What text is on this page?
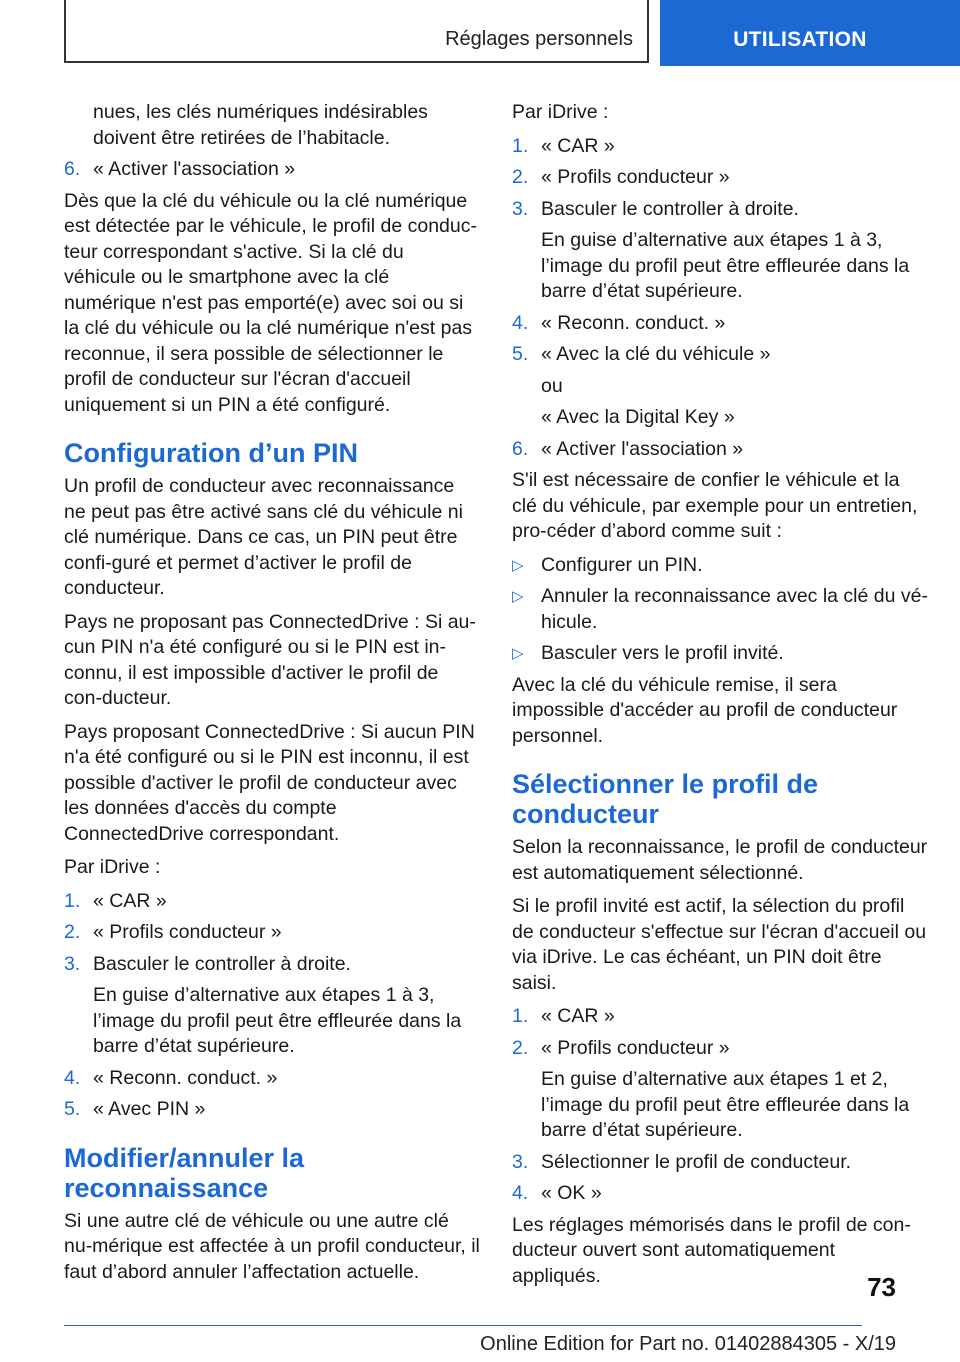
Réglages personnels	UTILISATION

nues, les clés numériques indésirables doivent être retirées de l’habitacle.

6. « Activer l'association »

Dès que la clé du véhicule ou la clé numérique est détectée par le véhicule, le profil de conduc-teur correspondant s'active. Si la clé du véhicule ou le smartphone avec la clé numérique n'est pas emporté(e) avec soi ou si la clé du véhicule ou la clé numérique n'est pas reconnue, il sera possible de sélectionner le profil de conducteur sur l'écran d'accueil uniquement si un PIN a été configuré.

Configuration d’un PIN

Un profil de conducteur avec reconnaissance ne peut pas être activé sans clé du véhicule ni clé numérique. Dans ce cas, un PIN peut être confi-guré et permet d’activer le profil de conducteur.

Pays ne proposant pas ConnectedDrive : Si au-cun PIN n'a été configuré ou si le PIN est in-connu, il est impossible d'activer le profil de con-ducteur.

Pays proposant ConnectedDrive : Si aucun PIN n'a été configuré ou si le PIN est inconnu, il est possible d'activer le profil de conducteur avec les données d'accès du compte ConnectedDrive correspondant.

Par iDrive :

1. « CAR »
2. « Profils conducteur »
3. Basculer le controller à droite.

En guise d’alternative aux étapes 1 à 3, l’image du profil peut être effleurée dans la barre d’état supérieure.

4. « Reconn. conduct. »
5. « Avec PIN »
Modifier/annuler la reconnaissance

Si une autre clé de véhicule ou une autre clé nu-mérique est affectée à un profil conducteur, il faut d’abord annuler l’affectation actuelle.

Par iDrive :

1. « CAR »
2. « Profils conducteur »
3. Basculer le controller à droite.

En guise d’alternative aux étapes 1 à 3, l’image du profil peut être effleurée dans la barre d’état supérieure.

4. « Reconn. conduct. »
5. « Avec la clé du véhicule »

ou

« Avec la Digital Key »

6. « Activer l'association »

S'il est nécessaire de confier le véhicule et la clé du véhicule, par exemple pour un entretien, pro-céder d’abord comme suit :

▷ Configurer un PIN.
▷ Annuler la reconnaissance avec la clé du vé-hicule.
▷ Basculer vers le profil invité.

Avec la clé du véhicule remise, il sera impossible d'accéder au profil de conducteur personnel.

Sélectionner le profil de conducteur

Selon la reconnaissance, le profil de conducteur est automatiquement sélectionné.

Si le profil invité est actif, la sélection du profil de conducteur s'effectue sur l'écran d'accueil ou via iDrive. Le cas échéant, un PIN doit être saisi.

1. « CAR »
2. « Profils conducteur »

En guise d’alternative aux étapes 1 et 2, l’image du profil peut être effleurée dans la barre d’état supérieure.

3. Sélectionner le profil de conducteur.
4. « OK »

Les réglages mémorisés dans le profil de con-ducteur ouvert sont automatiquement appliqués.	73
Online Edition for Part no. 01402884305 - X/19
